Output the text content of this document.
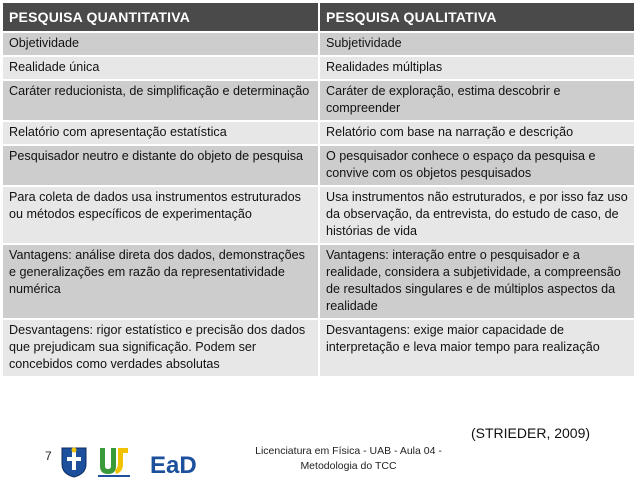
PESQUISA QUANTITATIVA	PESQUISA QUALITATIVA
Objetividade	Subjetividade
Realidade única	Realidades múltiplas
Caráter reducionista, de simplificação e determinação	Caráter de exploração, estima descobrir e compreender
Relatório com apresentação estatística	Relatório com base na narração e descrição
Pesquisador neutro e distante do objeto de pesquisa	O pesquisador conhece o espaço da pesquisa e convive com os objetos pesquisados
Para coleta de dados usa instrumentos estruturados ou métodos específicos de experimentação	Usa instrumentos não estruturados, e por isso faz uso da observação, da entrevista, do estudo de caso, de histórias de vida
Vantagens: análise direta dos dados, demonstrações e generalizações em razão da representatividade numérica	Vantagens: interação entre o pesquisador e a realidade, considera a subjetividade, a compreensão de resultados singulares e de múltiplos aspectos da realidade
Desvantagens: rigor estatístico e precisão dos dados que prejudicam sua significação. Podem ser concebidos como verdades absolutas	Desvantagens: exige maior capacidade de interpretação e leva maior tempo para realização
(STRIEDER, 2009)
7	EaD
Licenciatura em Física - UAB - Aula 04 -
Metodologia do TCC
